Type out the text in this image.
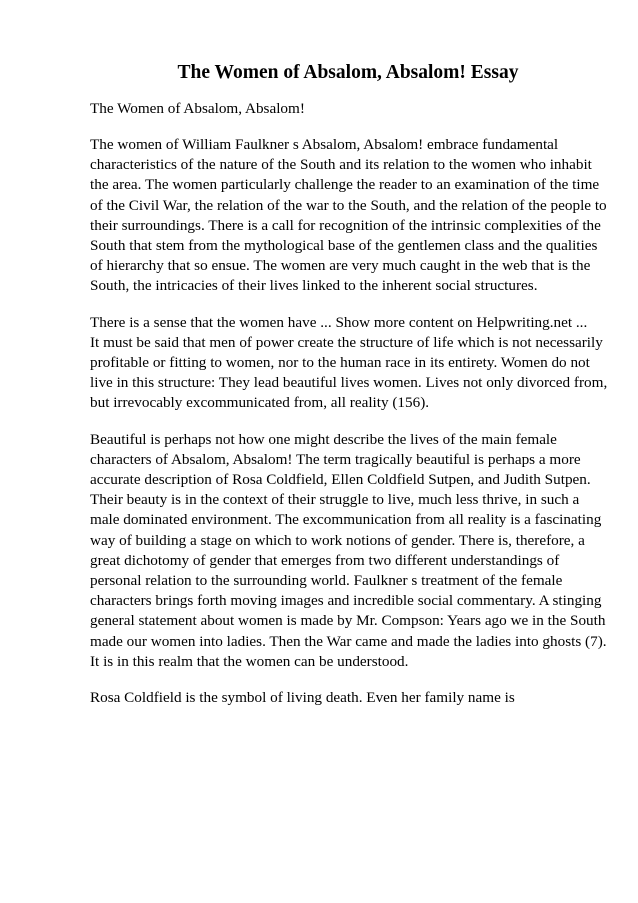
The Women of Absalom, Absalom! Essay
The Women of Absalom, Absalom!

The women of William Faulkner s Absalom, Absalom! embrace fundamental
characteristics of the nature of the South and its relation to the women who inhabit
the area. The women particularly challenge the reader to an examination of the time
of the Civil War, the relation of the war to the South, and the relation of the people to
their surroundings. There is a call for recognition of the intrinsic complexities of the
South that stem from the mythological base of the gentlemen class and the qualities
of hierarchy that so ensue. The women are very much caught in the web that is the
South, the intricacies of their lives linked to the inherent social structures.

There is a sense that the women have ... Show more content on Helpwriting.net ...
It must be said that men of power create the structure of life which is not necessarily
profitable or fitting to women, nor to the human race in its entirety. Women do not
live in this structure: They lead beautiful lives women. Lives not only divorced from,
but irrevocably excommunicated from, all reality (156).

Beautiful is perhaps not how one might describe the lives of the main female
characters of Absalom, Absalom! The term tragically beautiful is perhaps a more
accurate description of Rosa Coldfield, Ellen Coldfield Sutpen, and Judith Sutpen.
Their beauty is in the context of their struggle to live, much less thrive, in such a
male dominated environment. The excommunication from all reality is a fascinating
way of building a stage on which to work notions of gender. There is, therefore, a
great dichotomy of gender that emerges from two different understandings of
personal relation to the surrounding world. Faulkner s treatment of the female
characters brings forth moving images and incredible social commentary. A stinging
general statement about women is made by Mr. Compson: Years ago we in the South
made our women into ladies. Then the War came and made the ladies into ghosts (7).
It is in this realm that the women can be understood.

Rosa Coldfield is the symbol of living death. Even her family name is
